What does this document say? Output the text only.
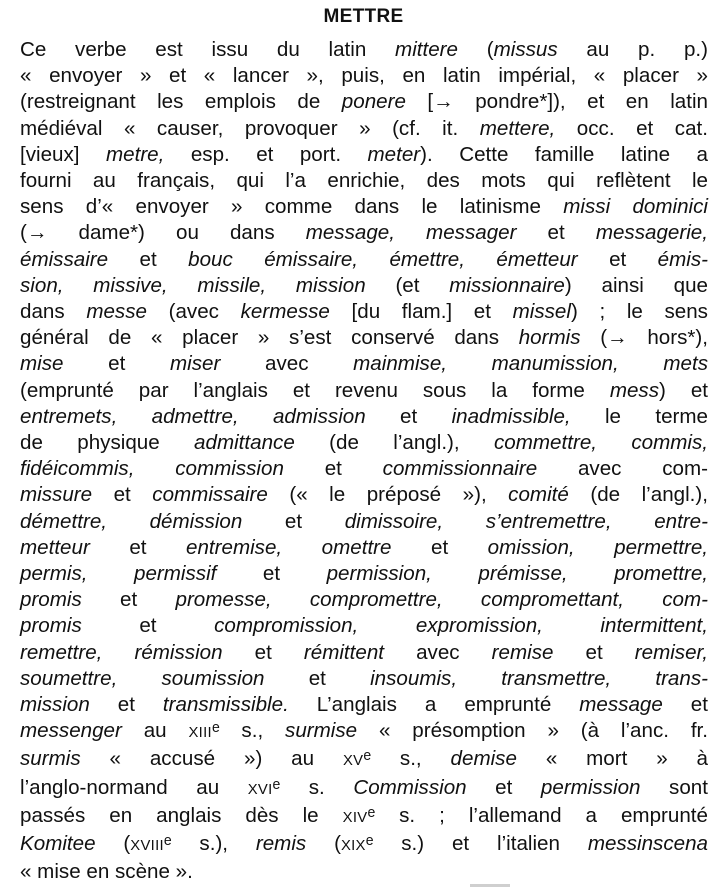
METTRE
Ce verbe est issu du latin mittere (missus au p. p.)
« envoyer » et « lancer », puis, en latin impérial, « placer »
(restreignant les emplois de ponere [→ pondre*]), et en latin
médiéval « causer, provoquer » (cf. it. mettere, occ. et cat.
[vieux] metre, esp. et port. meter). Cette famille latine a
fourni au français, qui l’a enrichie, des mots qui reflètent le
sens d’« envoyer » comme dans le latinisme missi dominici
(→ dame*) ou dans message, messager et messagerie,
émissaire et bouc émissaire, émettre, émetteur et émis-
sion, missive, missile, mission (et missionnaire) ainsi que
dans messe (avec kermesse [du flam.] et missel) ; le sens
général de « placer » s’est conservé dans hormis (→ hors*),
mise et miser avec mainmise, manumission, mets
(emprunté par l’anglais et revenu sous la forme mess) et
entremets, admettre, admission et inadmissible, le terme
de physique admittance (de l’angl.), commettre, commis,
fidéicommis, commission et commissionnaire avec com-
missure et commissaire (« le préposé »), comité (de l’angl.),
démettre, démission et dimissoire, s’entremettre, entre-
metteur et entremise, omettre et omission, permettre,
permis, permissif et permission, prémisse, promettre,
promis et promesse, compromettre, compromettant, com-
promis et compromission, expromission, intermittent,
remettre, rémission et rémittent avec remise et remiser,
soumettre, soumission et insoumis, transmettre, trans-
mission et transmissible. L’anglais a emprunté message et
messenger au XIIIᵉ s., surmise « présomption » (à l’anc. fr.
surmis « accusé ») au XVᵉ s., demise « mort » à
l’anglo-normand au XVIᵉ s. Commission et permission sont
passés en anglais dès le XIVᵉ s. ; l’allemand a emprunté
Komitee (XVIIIᵉ s.), remis (XIXᵉ s.) et l’italien messinscena
« mise en scène ».
